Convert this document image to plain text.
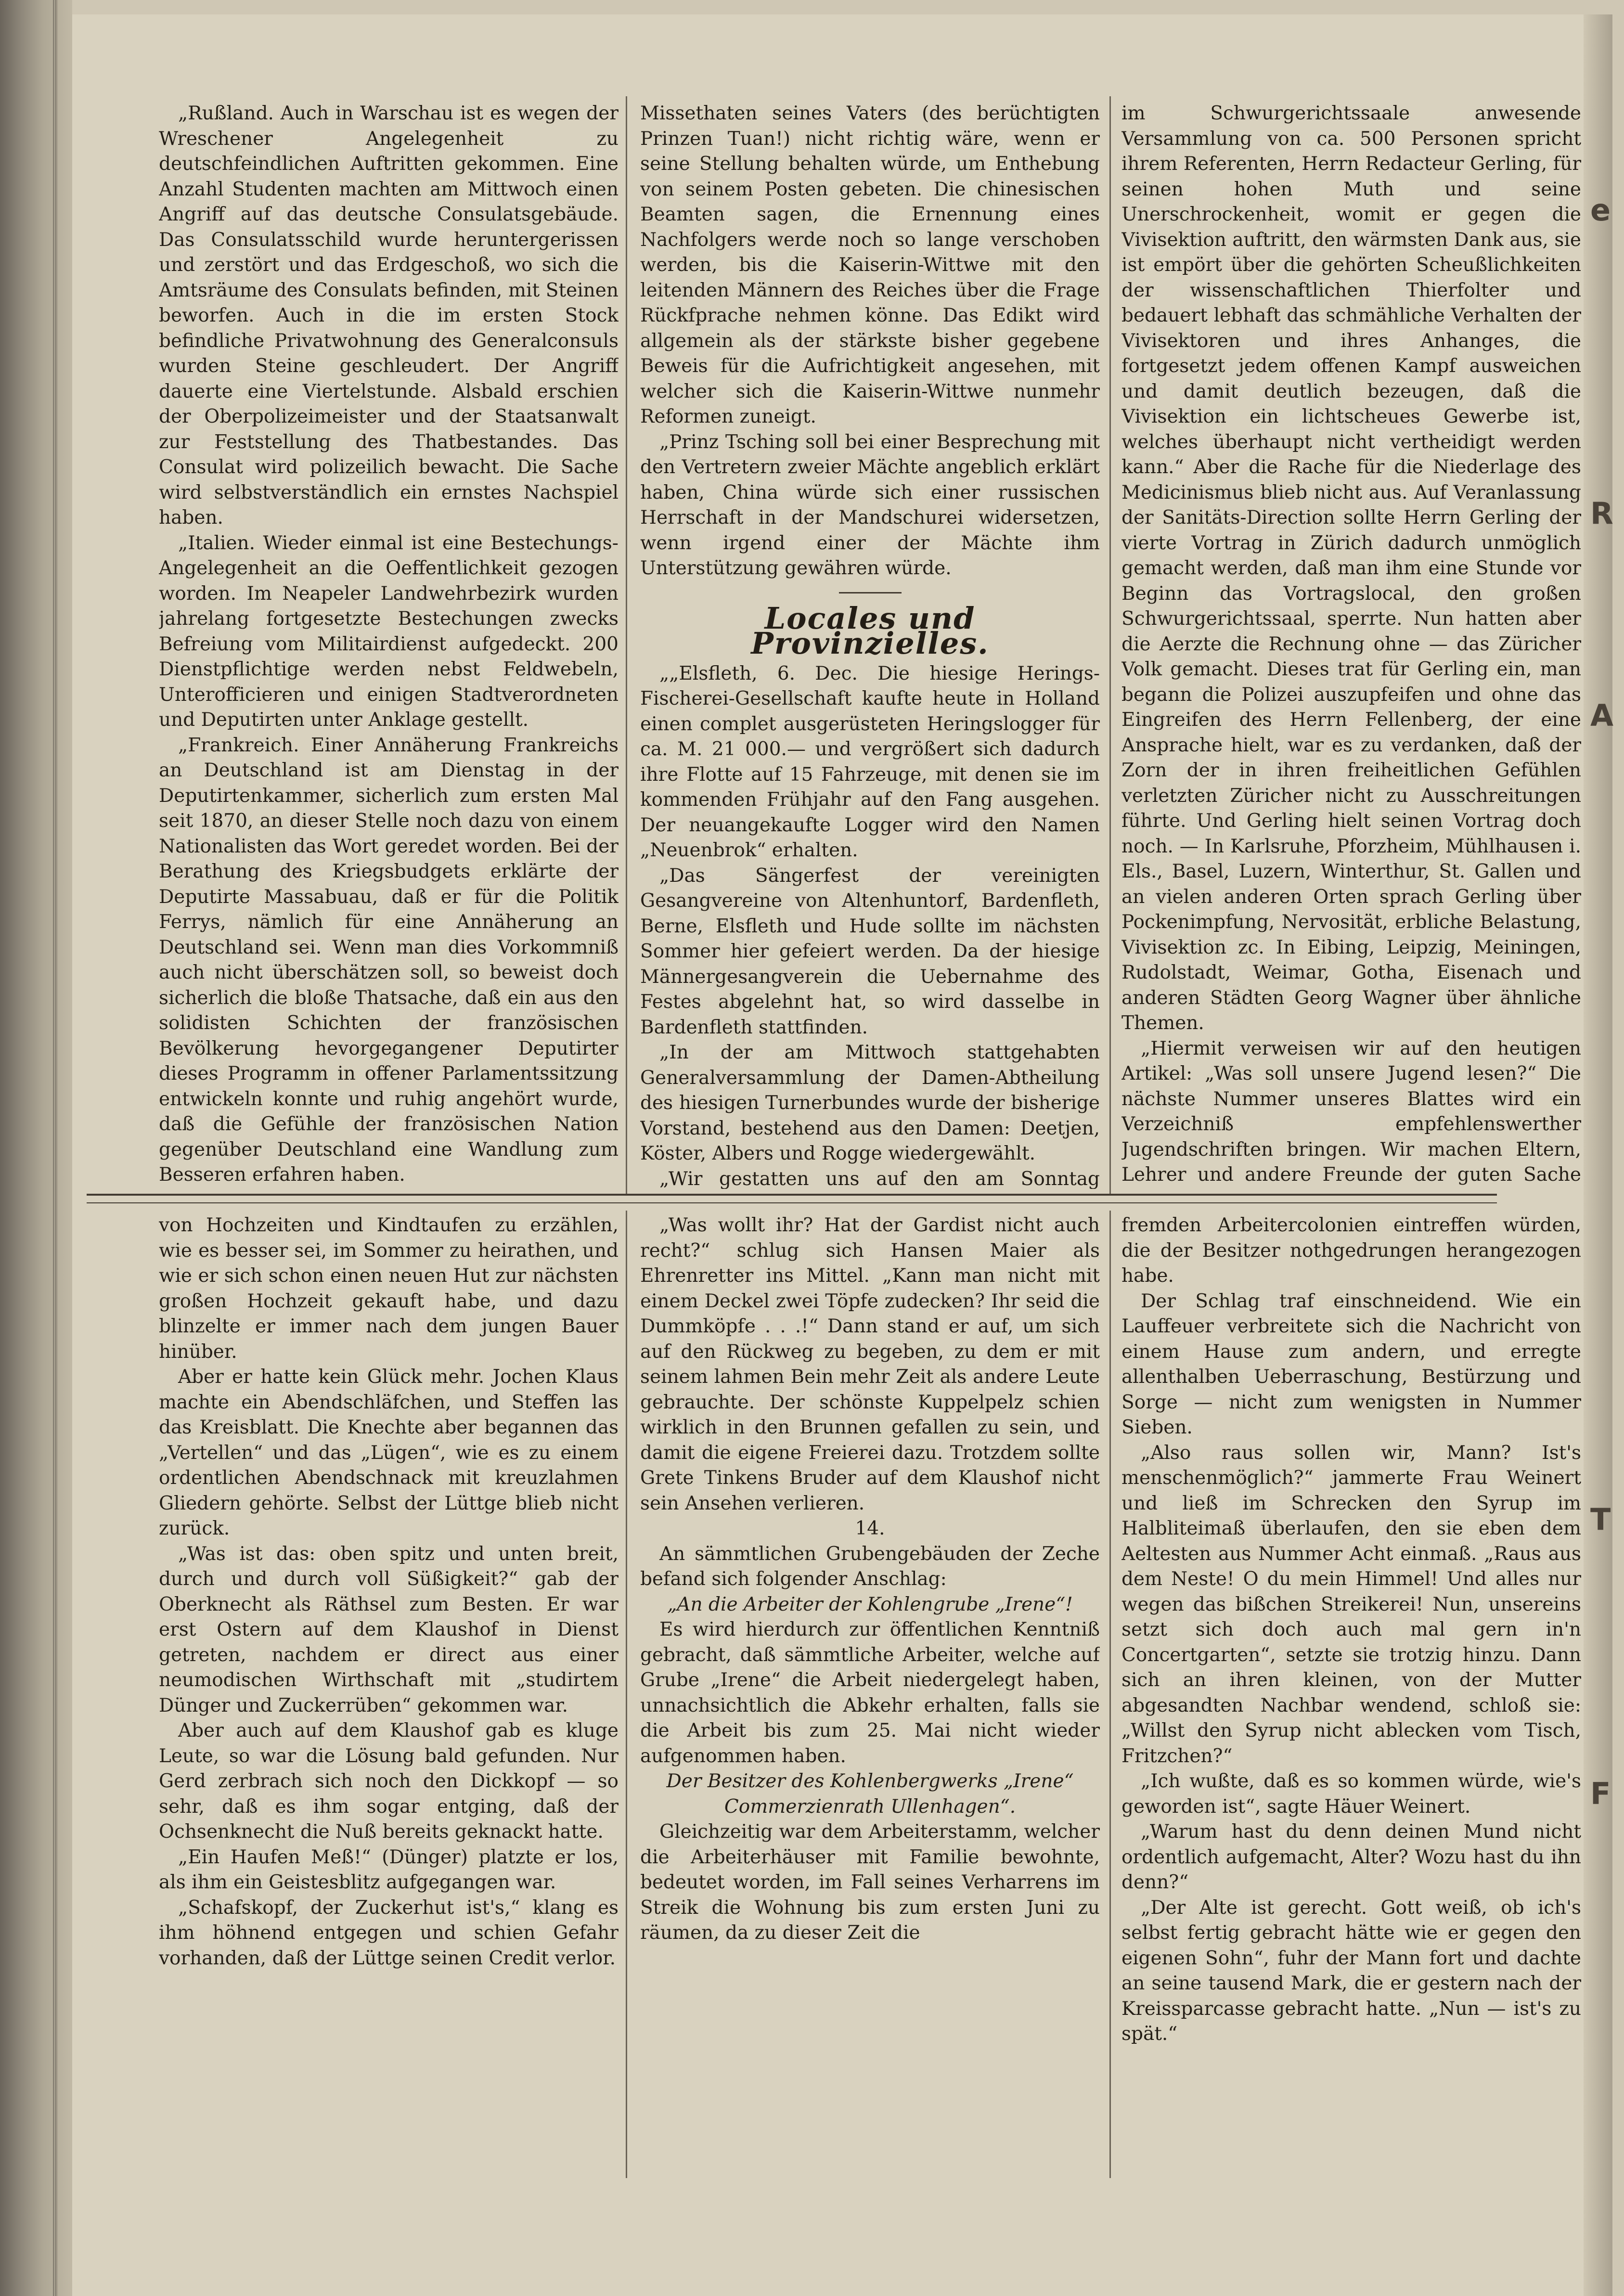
e
R
A
T
F

„Rußland. Auch in Warschau ist es wegen der Wreschener Angelegenheit zu deutschfeindlichen Auftritten gekommen. Eine Anzahl Studenten machten am Mittwoch einen Angriff auf das deutsche Consulatsgebäude. Das Consulatsschild wurde heruntergerissen und zerstört und das Erdgeschoß, wo sich die Amtsräume des Consulats befinden, mit Steinen beworfen. Auch in die im ersten Stock befindliche Privatwohnung des Generalconsuls wurden Steine geschleudert. Der Angriff dauerte eine Viertelstunde. Alsbald erschien der Oberpolizeimeister und der Staatsanwalt zur Feststellung des Thatbestandes. Das Consulat wird polizeilich bewacht. Die Sache wird selbstverständlich ein ernstes Nachspiel haben.

„Italien. Wieder einmal ist eine Bestechungs-Angelegenheit an die Oeffentlichkeit gezogen worden. Im Neapeler Landwehrbezirk wurden jahrelang fortgesetzte Bestechungen zwecks Befreiung vom Militairdienst aufgedeckt. 200 Dienstpflichtige werden nebst Feldwebeln, Unterofficieren und einigen Stadtverordneten und Deputirten unter Anklage gestellt.

„Frankreich. Einer Annäherung Frankreichs an Deutschland ist am Dienstag in der Deputirtenkammer, sicherlich zum ersten Mal seit 1870, an dieser Stelle noch dazu von einem Nationalisten das Wort geredet worden. Bei der Berathung des Kriegsbudgets erklärte der Deputirte Massabuau, daß er für die Politik Ferrys, nämlich für eine Annäherung an Deutschland sei. Wenn man dies Vorkommniß auch nicht überschätzen soll, so beweist doch sicherlich die bloße Thatsache, daß ein aus den solidisten Schichten der französischen Bevölkerung hevorgegangener Deputirter dieses Programm in offener Parlamentssitzung entwickeln konnte und ruhig angehört wurde, daß die Gefühle der französischen Nation gegenüber Deutschland eine Wandlung zum Besseren erfahren haben.

Missethaten seines Vaters (des berüchtigten Prinzen Tuan!) nicht richtig wäre, wenn er seine Stellung behalten würde, um Enthebung von seinem Posten gebeten. Die chinesischen Beamten sagen, die Ernennung eines Nachfolgers werde noch so lange verschoben werden, bis die Kaiserin-Wittwe mit den leitenden Männern des Reiches über die Frage Rückfprache nehmen könne. Das Edikt wird allgemein als der stärkste bisher gegebene Beweis für die Aufrichtigkeit angesehen, mit welcher sich die Kaiserin-Wittwe nunmehr Reformen zuneigt.

„Prinz Tsching soll bei einer Besprechung mit den Vertretern zweier Mächte angeblich erklärt haben, China würde sich einer russischen Herrschaft in der Mandschurei widersetzen, wenn irgend einer der Mächte ihm Unterstützung gewähren würde.

Locales und Provinzielles.

„„Elsfleth, 6. Dec. Die hiesige Herings-Fischerei-Gesellschaft kaufte heute in Holland einen complet ausgerüsteten Heringslogger für ca. M. 21 000.— und vergrößert sich dadurch ihre Flotte auf 15 Fahrzeuge, mit denen sie im kommenden Frühjahr auf den Fang ausgehen. Der neuangekaufte Logger wird den Namen „Neuenbrok“ erhalten.

„Das Sängerfest der vereinigten Gesangvereine von Altenhuntorf, Bardenfleth, Berne, Elsfleth und Hude sollte im nächsten Sommer hier gefeiert werden. Da der hiesige Männergesangverein die Uebernahme des Festes abgelehnt hat, so wird dasselbe in Bardenfleth stattfinden.

„In der am Mittwoch stattgehabten Generalversammlung der Damen-Abtheilung des hiesigen Turnerbundes wurde der bisherige Vorstand, bestehend aus den Damen: Deetjen, Köster, Albers und Rogge wiedergewählt.

„Wir gestatten uns auf den am Sonntag

im Schwurgerichtssaale anwesende Versammlung von ca. 500 Personen spricht ihrem Referenten, Herrn Redacteur Gerling, für seinen hohen Muth und seine Unerschrockenheit, womit er gegen die Vivisektion auftritt, den wärmsten Dank aus, sie ist empört über die gehörten Scheußlichkeiten der wissenschaftlichen Thierfolter und bedauert lebhaft das schmähliche Verhalten der Vivisektoren und ihres Anhanges, die fortgesetzt jedem offenen Kampf ausweichen und damit deutlich bezeugen, daß die Vivisektion ein lichtscheues Gewerbe ist, welches überhaupt nicht vertheidigt werden kann.“ Aber die Rache für die Niederlage des Medicinismus blieb nicht aus. Auf Veranlassung der Sanitäts-Direction sollte Herrn Gerling der vierte Vortrag in Zürich dadurch unmöglich gemacht werden, daß man ihm eine Stunde vor Beginn das Vortragslocal, den großen Schwurgerichtssaal, sperrte. Nun hatten aber die Aerzte die Rechnung ohne — das Züricher Volk gemacht. Dieses trat für Gerling ein, man begann die Polizei auszupfeifen und ohne das Eingreifen des Herrn Fellenberg, der eine Ansprache hielt, war es zu verdanken, daß der Zorn der in ihren freiheitlichen Gefühlen verletzten Züricher nicht zu Ausschreitungen führte. Und Gerling hielt seinen Vortrag doch noch. — In Karlsruhe, Pforzheim, Mühlhausen i. Els., Basel, Luzern, Winterthur, St. Gallen und an vielen anderen Orten sprach Gerling über Pockenimpfung, Nervosität, erbliche Belastung, Vivisektion zc. In Eibing, Leipzig, Meiningen, Rudolstadt, Weimar, Gotha, Eisenach und anderen Städten Georg Wagner über ähnliche Themen.

„Hiermit verweisen wir auf den heutigen Artikel: „Was soll unsere Jugend lesen?“ Die nächste Nummer unseres Blattes wird ein Verzeichniß empfehlenswerther Jugendschriften bringen. Wir machen Eltern, Lehrer und andere Freunde der guten Sache

von Hochzeiten und Kindtaufen zu erzählen, wie es besser sei, im Sommer zu heirathen, und wie er sich schon einen neuen Hut zur nächsten großen Hochzeit gekauft habe, und dazu blinzelte er immer nach dem jungen Bauer hinüber.

Aber er hatte kein Glück mehr. Jochen Klaus machte ein Abendschläfchen, und Steffen las das Kreisblatt. Die Knechte aber begannen das „Vertellen“ und das „Lügen“, wie es zu einem ordentlichen Abendschnack mit kreuzlahmen Gliedern gehörte. Selbst der Lüttge blieb nicht zurück.

„Was ist das: oben spitz und unten breit, durch und durch voll Süßigkeit?“ gab der Oberknecht als Räthsel zum Besten. Er war erst Ostern auf dem Klaushof in Dienst getreten, nachdem er direct aus einer neumodischen Wirthschaft mit „studirtem Dünger und Zuckerrüben“ gekommen war.

Aber auch auf dem Klaushof gab es kluge Leute, so war die Lösung bald gefunden. Nur Gerd zerbrach sich noch den Dickkopf — so sehr, daß es ihm sogar entging, daß der Ochsenknecht die Nuß bereits geknackt hatte.

„Ein Haufen Meß!“ (Dünger) platzte er los, als ihm ein Geistesblitz aufgegangen war.

„Schafskopf, der Zuckerhut ist's,“ klang es ihm höhnend entgegen und schien Gefahr vorhanden, daß der Lüttge seinen Credit verlor.

„Was wollt ihr? Hat der Gardist nicht auch recht?“ schlug sich Hansen Maier als Ehrenretter ins Mittel. „Kann man nicht mit einem Deckel zwei Töpfe zudecken? Ihr seid die Dummköpfe . . .!“ Dann stand er auf, um sich auf den Rückweg zu begeben, zu dem er mit seinem lahmen Bein mehr Zeit als andere Leute gebrauchte. Der schönste Kuppelpelz schien wirklich in den Brunnen gefallen zu sein, und damit die eigene Freierei dazu. Trotzdem sollte Grete Tinkens Bruder auf dem Klaushof nicht sein Ansehen verlieren.

14.

An sämmtlichen Grubengebäuden der Zeche befand sich folgender Anschlag:

„An die Arbeiter der Kohlengrube „Irene“!

Es wird hierdurch zur öffentlichen Kenntniß gebracht, daß sämmtliche Arbeiter, welche auf Grube „Irene“ die Arbeit niedergelegt haben, unnachsichtlich die Abkehr erhalten, falls sie die Arbeit bis zum 25. Mai nicht wieder aufgenommen haben.

Der Besitzer des Kohlenbergwerks „Irene“ Commerzienrath Ullenhagen“.

Gleichzeitig war dem Arbeiterstamm, welcher die Arbeiterhäuser mit Familie bewohnte, bedeutet worden, im Fall seines Verharrens im Streik die Wohnung bis zum ersten Juni zu räumen, da zu dieser Zeit die

fremden Arbeitercolonien eintreffen würden, die der Besitzer nothgedrungen herangezogen habe.

Der Schlag traf einschneidend. Wie ein Lauffeuer verbreitete sich die Nachricht von einem Hause zum andern, und erregte allenthalben Ueberraschung, Bestürzung und Sorge — nicht zum wenigsten in Nummer Sieben.

„Also raus sollen wir, Mann? Ist's menschenmöglich?“ jammerte Frau Weinert und ließ im Schrecken den Syrup im Halbliteimaß überlaufen, den sie eben dem Aeltesten aus Nummer Acht einmaß. „Raus aus dem Neste! O du mein Himmel! Und alles nur wegen das bißchen Streikerei! Nun, unsereins setzt sich doch auch mal gern in'n Concertgarten“, setzte sie trotzig hinzu. Dann sich an ihren kleinen, von der Mutter abgesandten Nachbar wendend, schloß sie: „Willst den Syrup nicht ablecken vom Tisch, Fritzchen?“

„Ich wußte, daß es so kommen würde, wie's geworden ist“, sagte Häuer Weinert.

„Warum hast du denn deinen Mund nicht ordentlich aufgemacht, Alter? Wozu hast du ihn denn?“

„Der Alte ist gerecht. Gott weiß, ob ich's selbst fertig gebracht hätte wie er gegen den eigenen Sohn“, fuhr der Mann fort und dachte an seine tausend Mark, die er gestern nach der Kreissparcasse gebracht hatte. „Nun — ist's zu spät.“
